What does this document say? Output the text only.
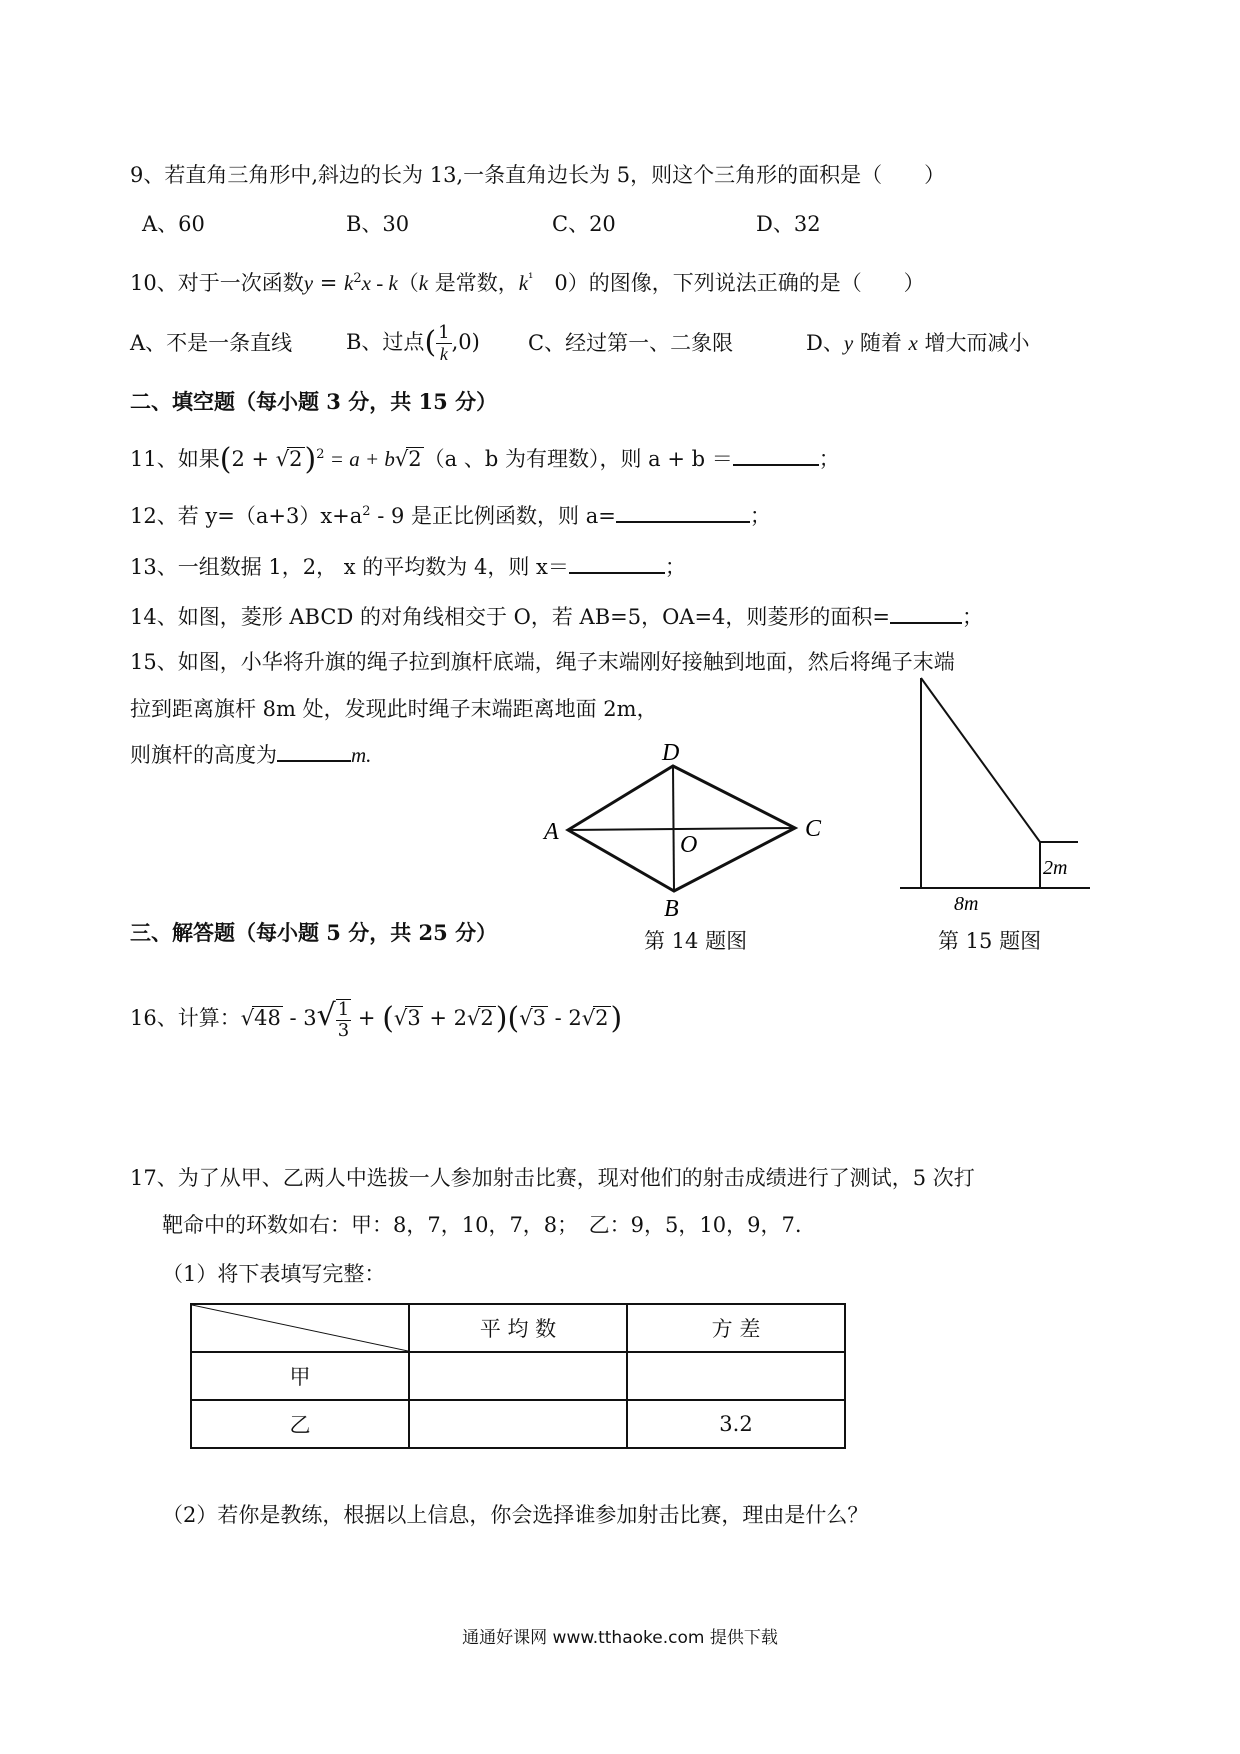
9、若直角三角形中,斜边的长为 13,一条直角边长为 5，则这个三角形的面积是（　　）
A、60	B、30	C、20	D、32
10、对于一次函数$y = k^2x - k(k$ 是常数，$k^{^1}$　0）的图像，下列说法正确的是（　　）
A、不是一条直线	B、过点( $\frac{1}{k} ,0$) C、经过第一、二象限	D、y 随着 x 增大而减小
二、填空题（每小题 3 分，共 15 分）
11、如果$(2 + √2)^2 = a + b√2(a$ 、b 为有理数），则 a + b ＝	；
12、若 $y=(a+3)x+a^2 - 9$ 是正比例函数，则 a=	；
13、一组数据 1，2， x 的平均数为 4，则 x＝	；
14、如图，菱形 ABCD 的对角线相交于 O，若 AB=5，OA=4，则菱形的面积=	；
15、如图，小华将升旗的绳子拉到旗杆底端，绳子末端刚好接触到地面，然后将绳子末端
拉到距离旗杆 8m 处，发现此时绳子末端距离地面 2m，
则旗杆的高度为	m.
A
D
C
B
O
第 14 题图
2m
8m
第 15 题图
三、解答题（每小题 5 分，共 25 分）
16、计算：$√48 - 3√ \frac{1}{3} + (√3 + 2√2)(√3 - 2√2)$
17、为了从甲、乙两人中选拔一人参加射击比赛，现对他们的射击成绩进行了测试，5 次打
靶命中的环数如右：甲：8，7，10，7，8；　乙：9，5，10，9，7.
（1）将下表填写完整：
	平 均 数	方 差
甲		
乙		3.2
（2）若你是教练，根据以上信息，你会选择谁参加射击比赛，理由是什么？
通通好课网 www.tthaoke.com 提供下载
